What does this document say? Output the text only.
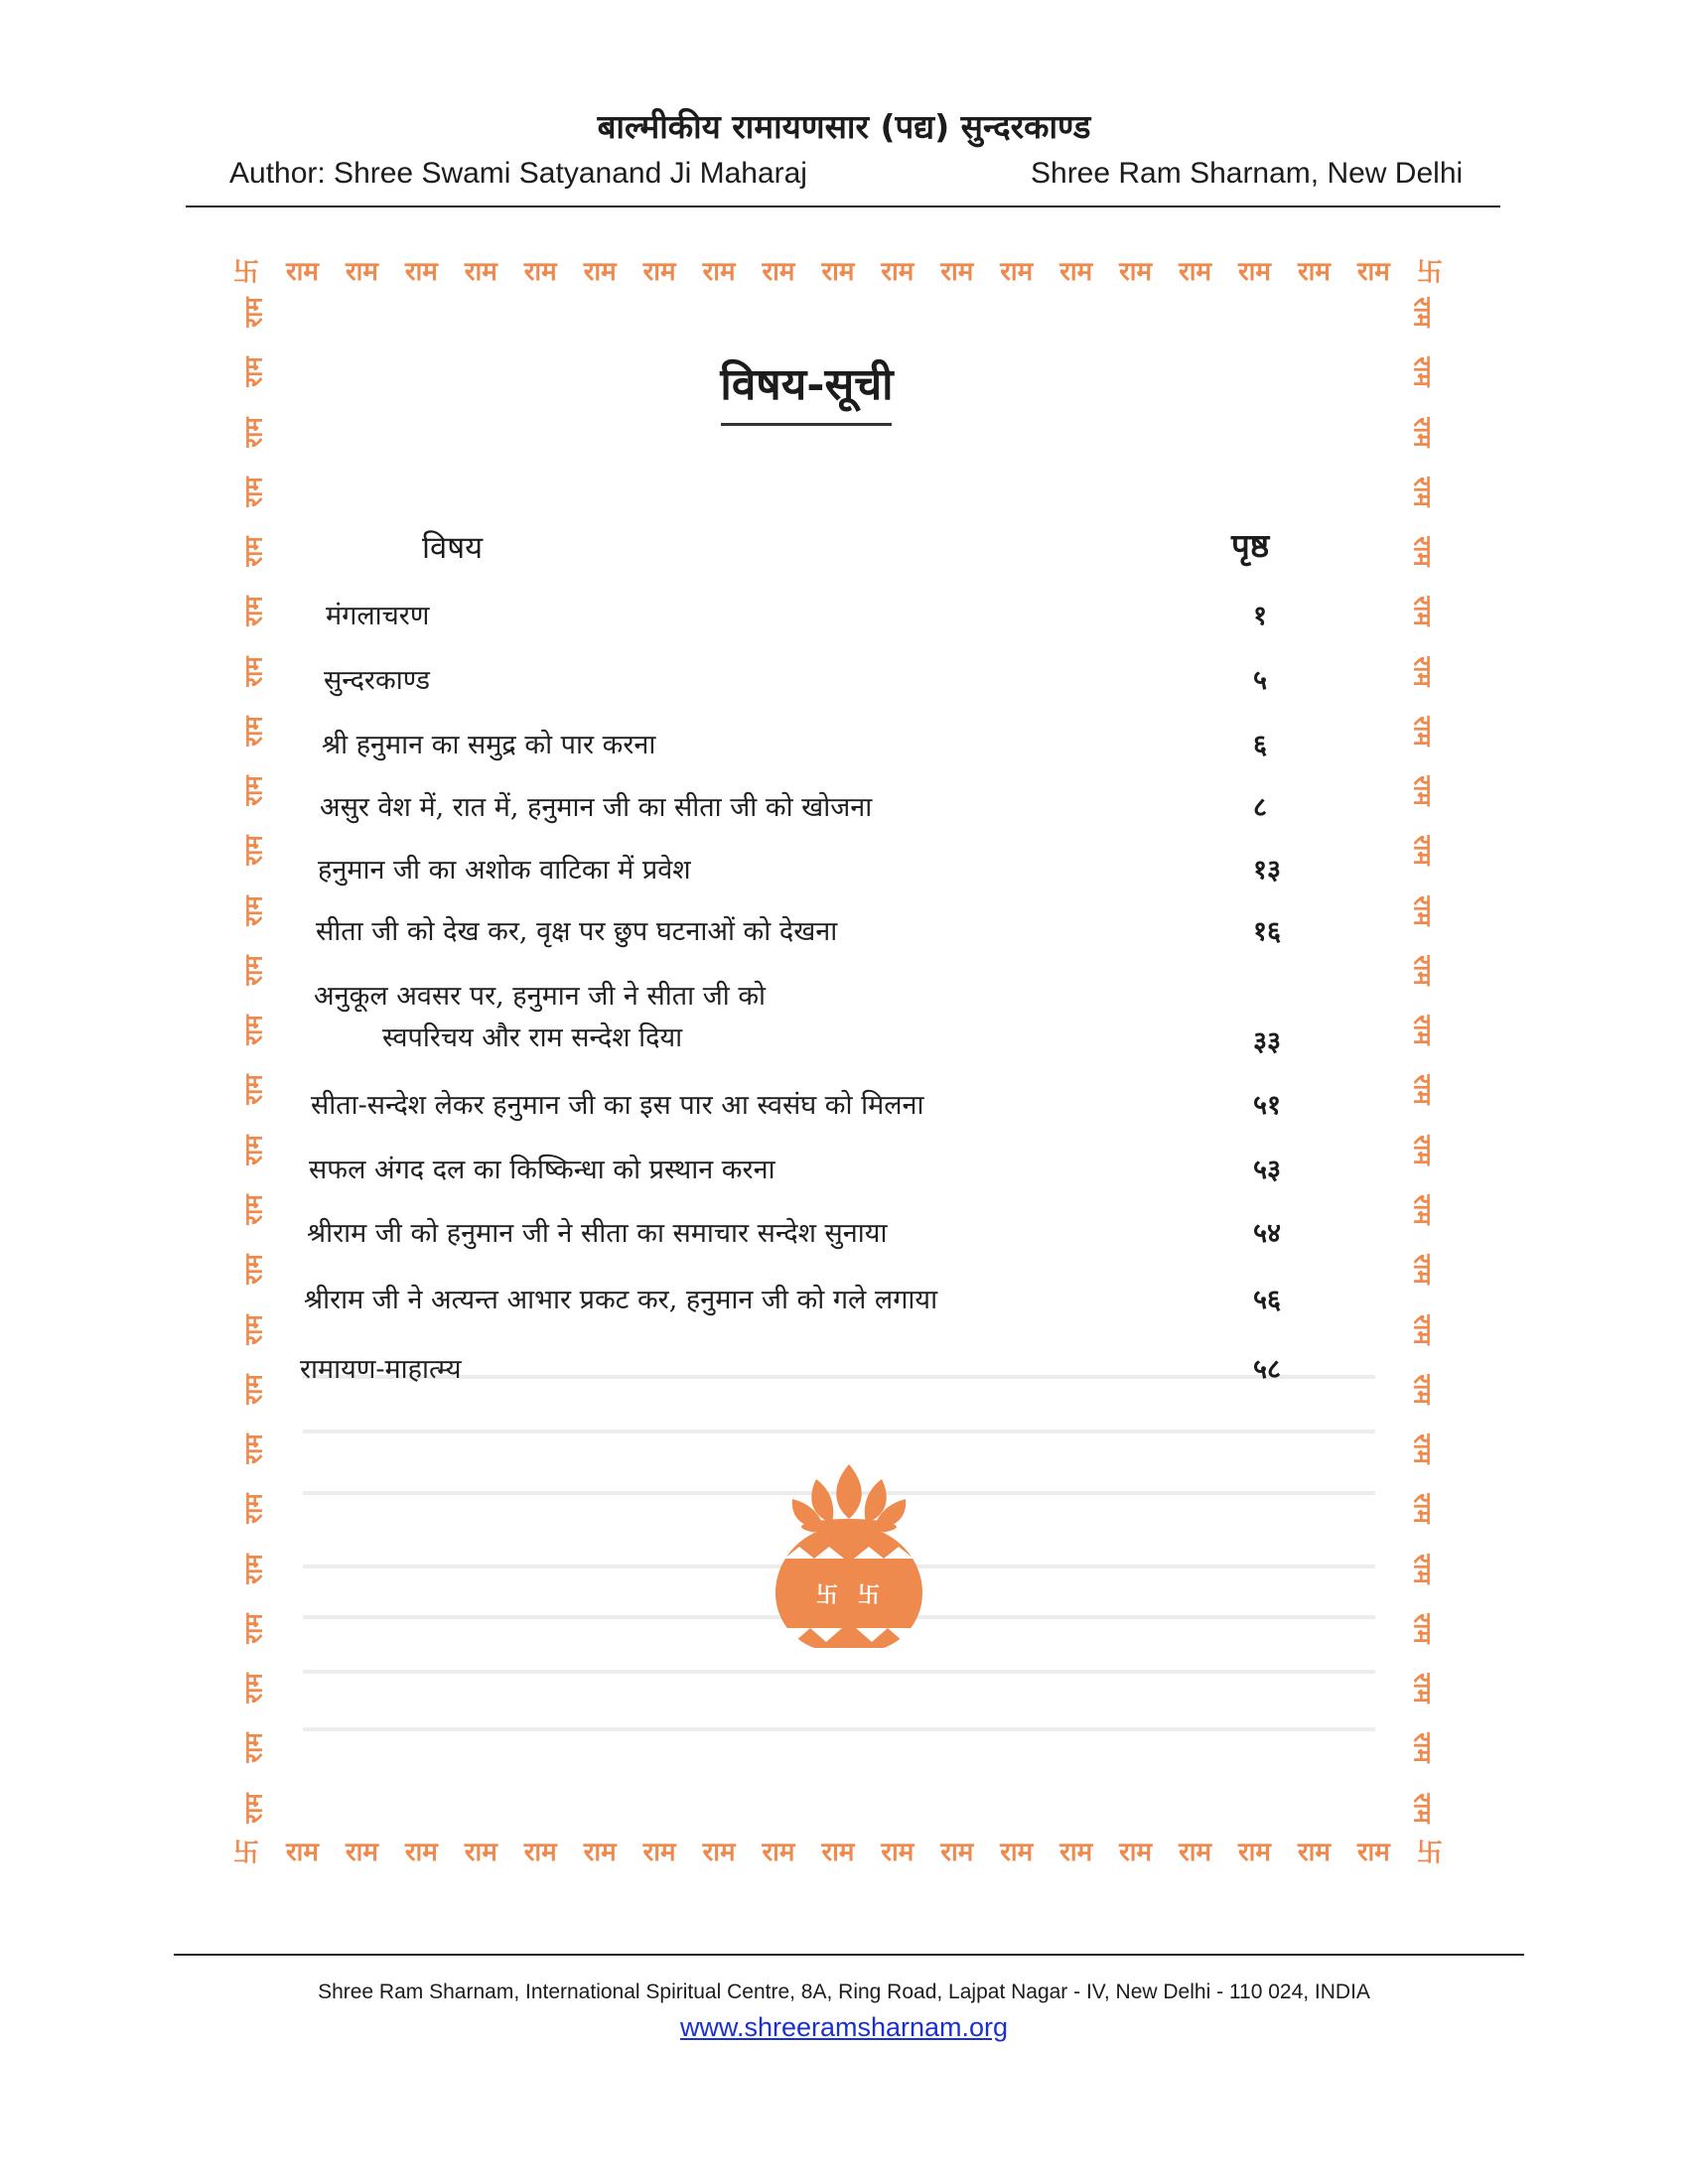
बाल्मीकीय रामायणसार (पद्य) सुन्दरकाण्ड
Author: Shree Swami Satyanand Ji Maharaj	Shree Ram Sharnam, New Delhi
卐 राम राम राम राम राम राम राम राम राम राम राम राम राम राम राम राम राम राम राम 卐
राम
राम
राम
राम
राम
राम
राम
राम
राम
राम
राम
राम
राम
राम
राम
राम
राम
राम
राम
राम
राम
राम
राम
राम
राम
राम
राम
राम
राम
राम
राम
राम
राम
राम
राम
राम
राम
राम
राम
राम
राम
राम
राम
राम
राम
राम
राम
राम
राम
राम
राम
राम
卐 राम राम राम राम राम राम राम राम राम राम राम राम राम राम राम राम राम राम राम 卐
विषय-सूची
विषय	पृष्ठ
मंगलाचरण	१
सुन्दरकाण्ड	५
श्री हनुमान का समुद्र को पार करना	६
असुर वेश में, रात में, हनुमान जी का सीता जी को खोजना	८
हनुमान जी का अशोक वाटिका में प्रवेश	१३
सीता जी को देख कर, वृक्ष पर छुप घटनाओं को देखना	१६
अनुकूल अवसर पर, हनुमान जी ने सीता जी को
स्वपरिचय और राम सन्देश दिया	३३
सीता-सन्देश लेकर हनुमान जी का इस पार आ स्वसंघ को मिलना	५१
सफल अंगद दल का किष्किन्धा को प्रस्थान करना	५३
श्रीराम जी को हनुमान जी ने सीता का समाचार सन्देश सुनाया	५४
श्रीराम जी ने अत्यन्त आभार प्रकट कर, हनुमान जी को गले लगाया	५६
रामायण-माहात्म्य	५८
卐 卐
Shree Ram Sharnam, International Spiritual Centre, 8A, Ring Road, Lajpat Nagar - IV, New Delhi - 110 024, INDIA
www.shreeramsharnam.org
